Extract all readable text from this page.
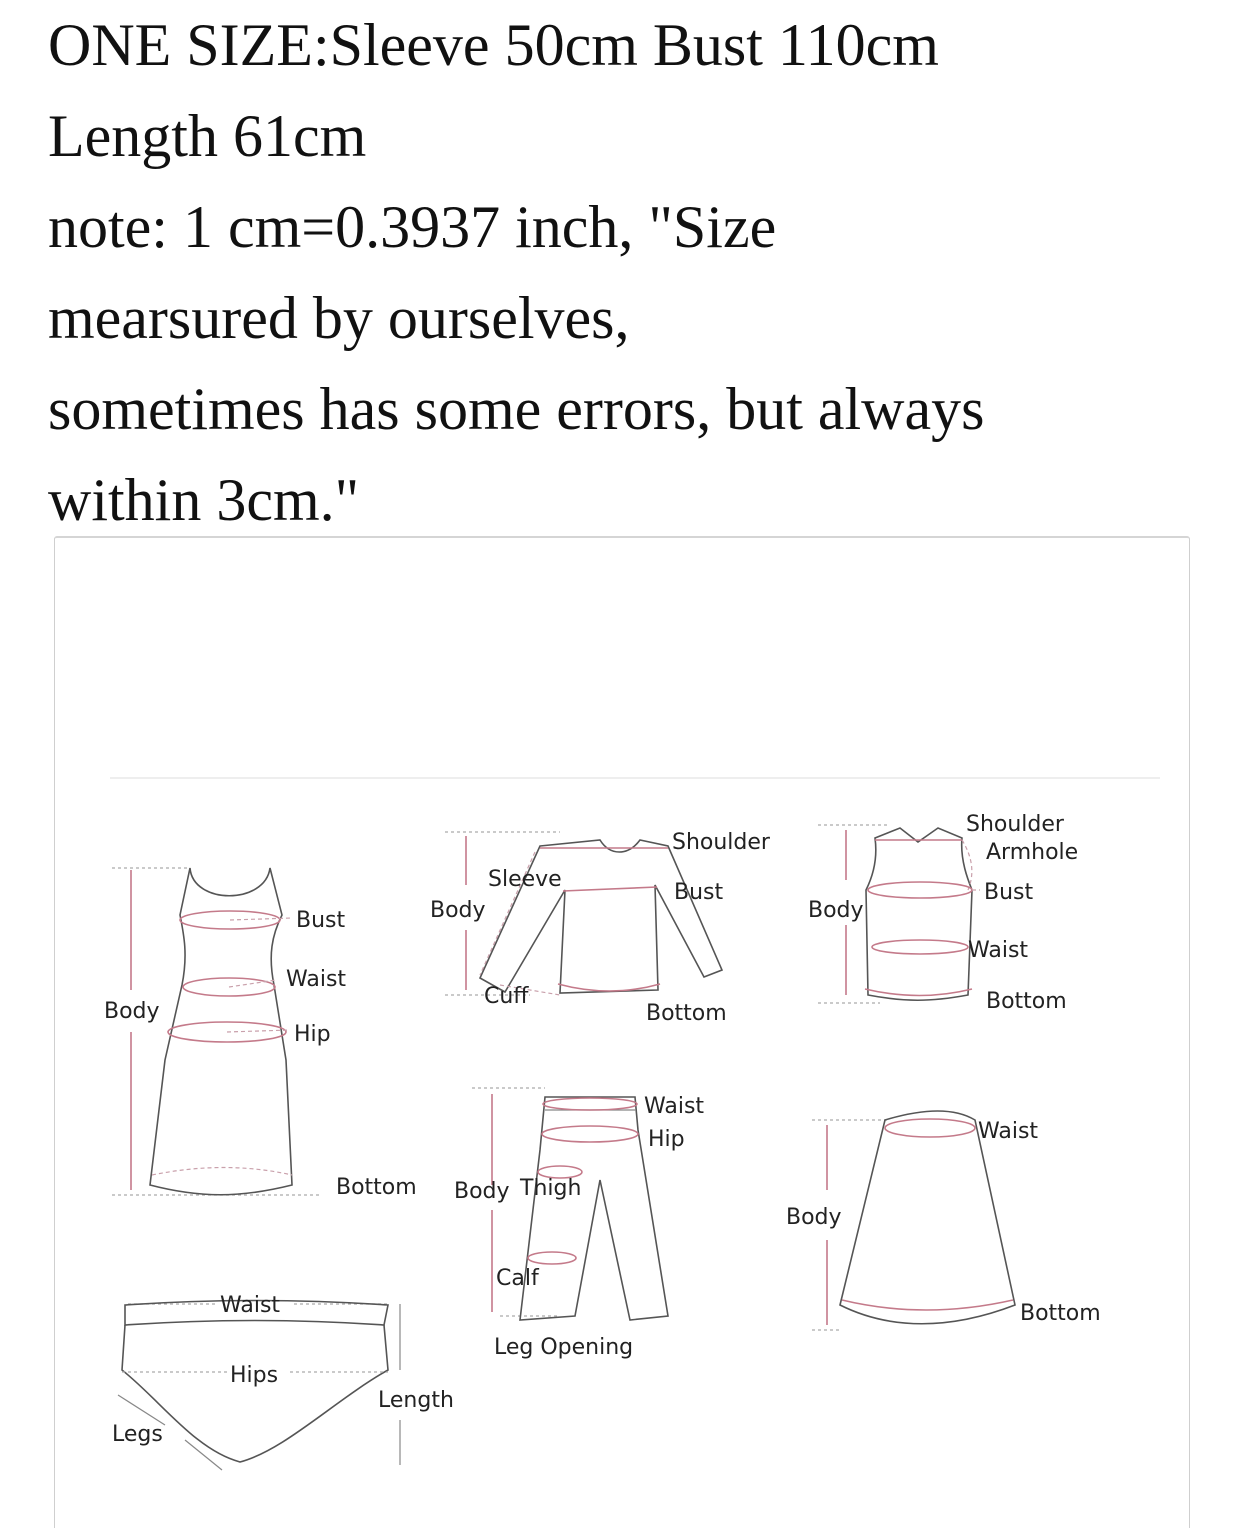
ONE SIZE:Sleeve 50cm Bust 110cm
Length 61cm
note: 1 cm=0.3937 inch, "Size
mearsured by ourselves,
sometimes has some errors, but always
within 3cm."
Bust
Waist
Hip
Body
Bottom
Shoulder
Sleeve
Bust
Body
Cuff
Bottom
Shoulder
Armhole
Bust
Body
Waist
Bottom
Waist
Hip
Body Thigh
Calf
Leg Opening
Waist
Body
Bottom
Waist
Hips
Length
Legs
